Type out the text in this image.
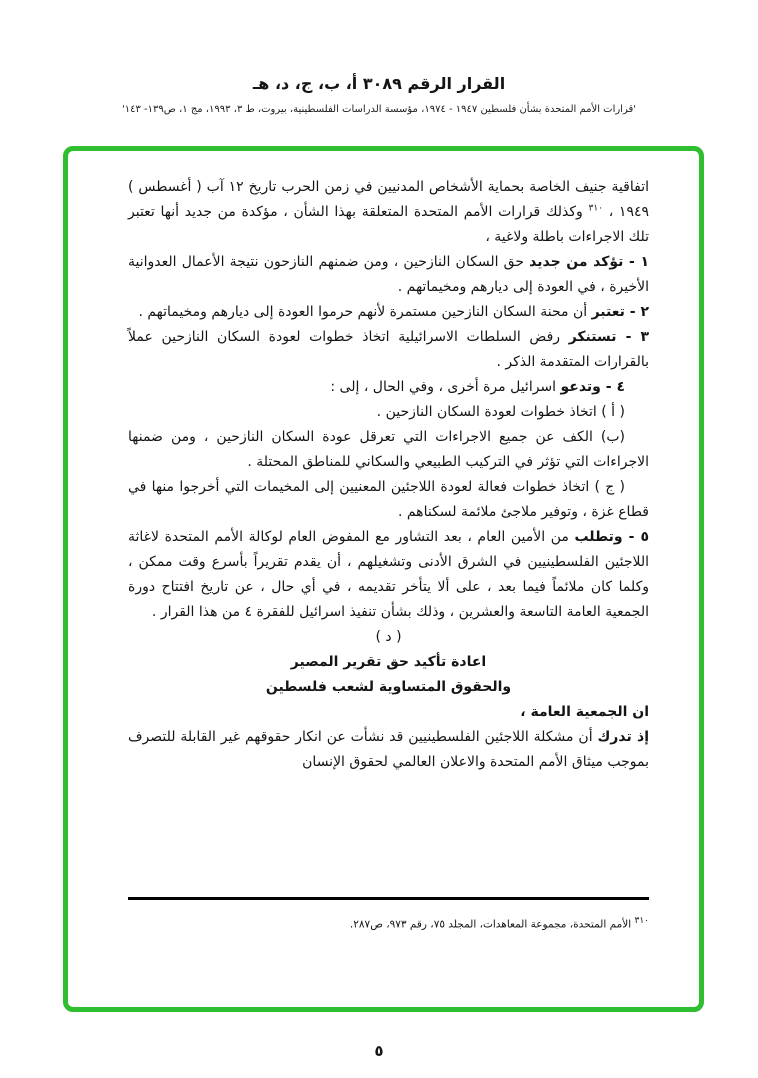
القرار الرقم ٣٠٨٩ أ، ب، ج، د، هـ
'قرارات الأمم المتحدة بشأن فلسطين ١٩٤٧ - ١٩٧٤، مؤسسة الدراسات الفلسطينية، بيروت، ط ٣، ١٩٩٣، مج ١، ص١٣٩- ١٤٣'

اتفاقية جنيف الخاصة بحماية الأشخاص المدنيين في زمن الحرب تاريخ ١٢ آب ( أغسطس ) ١٩٤٩ ، $^{٣١٠}$ وكذلك قرارات الأمم المتحدة المتعلقة بهذا الشأن ، مؤكدة من جديد أنها تعتبر تلك الاجراءات باطلة ولاغية ،

١ - تؤكد من جديد حق السكان النازحين ، ومن ضمنهم النازحون نتيجة الأعمال العدوانية الأخيرة ، في العودة إلى ديارهم ومخيماتهم .

٢ - تعتبر أن محنة السكان النازحين مستمرة لأنهم حرموا العودة إلى ديارهم ومخيماتهم .

٣ - تستنكر رفض السلطات الاسرائيلية اتخاذ خطوات لعودة السكان النازحين عملاً بالقرارات المتقدمة الذكر .

٤ - وتدعو اسرائيل مرة أخرى ، وفي الحال ، إلى :

( أ ) اتخاذ خطوات لعودة السكان النازحين .

(ب) الكف عن جميع الاجراءات التي تعرقل عودة السكان النازحين ، ومن ضمنها الاجراءات التي تؤثر في التركيب الطبيعي والسكاني للمناطق المحتلة .

( ج ) اتخاذ خطوات فعالة لعودة اللاجئين المعنيين إلى المخيمات التي أخرجوا منها في قطاع غزة ، وتوفير ملاجئ ملائمة لسكناهم .

٥ - وتطلب من الأمين العام ، بعد التشاور مع المفوض العام لوكالة الأمم المتحدة لاغاثة اللاجئين الفلسطينيين في الشرق الأدنى وتشغيلهم ، أن يقدم تقريراً بأسرع وقت ممكن ، وكلما كان ملائماً فيما بعد ، على ألا يتأخر تقديمه ، في أي حال ، عن تاريخ افتتاح دورة الجمعية العامة التاسعة والعشرين ، وذلك بشأن تنفيذ اسرائيل للفقرة ٤ من هذا القرار .

( د )

اعادة تأكيد حق تقرير المصير

والحقوق المتساوية لشعب فلسطين

ان الجمعية العامة ،

إذ تدرك أن مشكلة اللاجئين الفلسطينيين قد نشأت عن انكار حقوقهم غير القابلة للتصرف بموجب ميثاق الأمم المتحدة والاعلان العالمي لحقوق الإنسان

٣١٠ الأمم المتحدة، مجموعة المعاهدات، المجلد ٧٥، رقم ٩٧٣، ص٢٨٧.

٥
